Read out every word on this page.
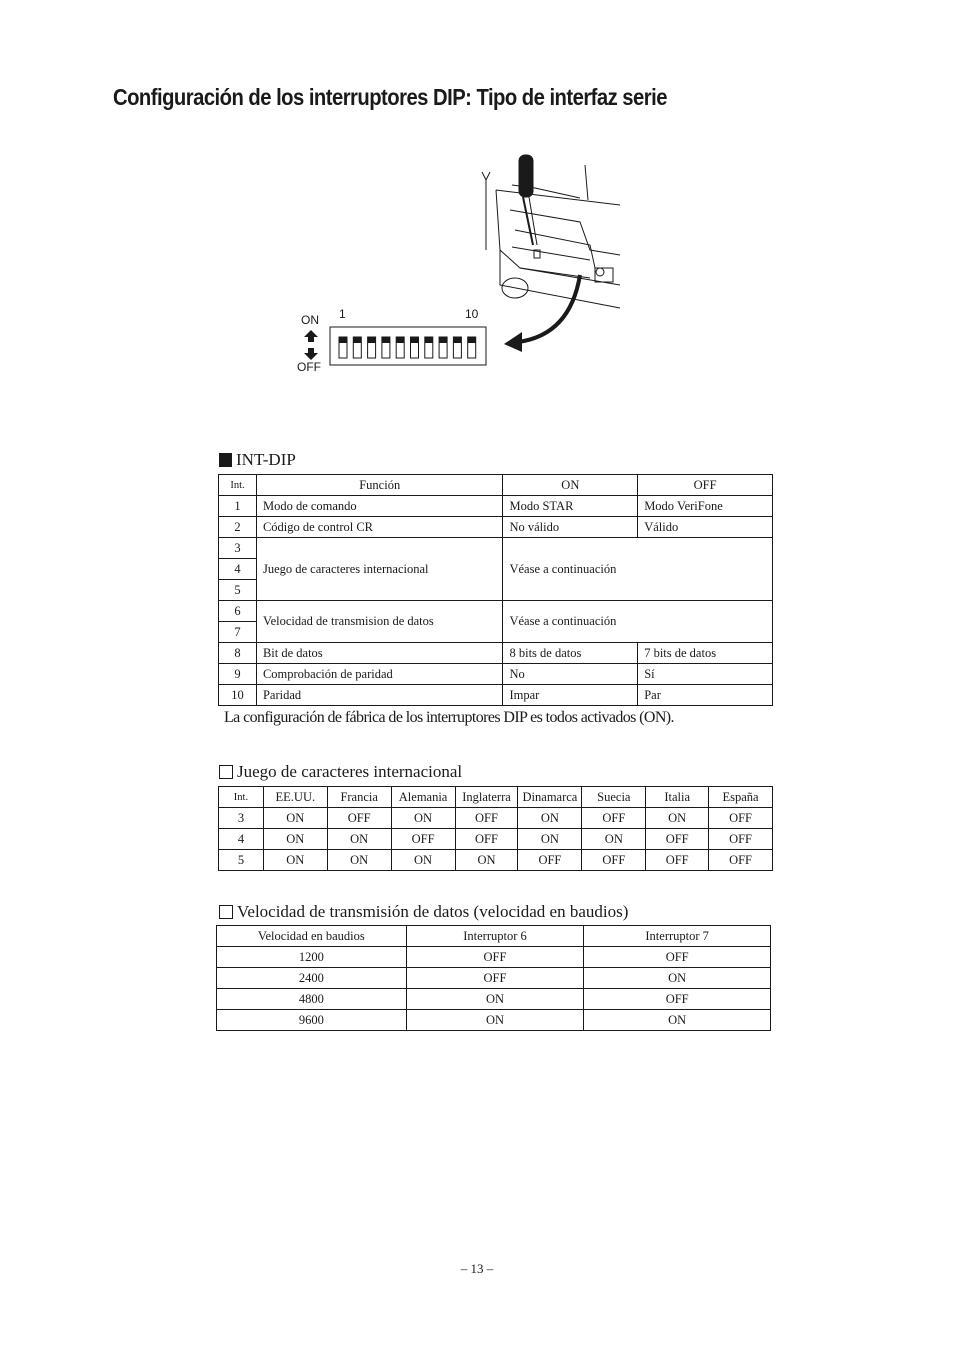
Configuración de los interruptores DIP: Tipo de interfaz serie
ON
OFF
1	10
INT-DIP
Int.	Función	ON	OFF
1	Modo de comando	Modo STAR	Modo VeriFone
2	Código de control CR	No válido	Válido
3	Juego de caracteres internacional	Véase a continuación	
4			
5			
6	Velocidad de transmision de datos	Véase a continuación	
7			
8	Bit de datos	8 bits de datos	7 bits de datos
9	Comprobación de paridad	No	Sí
10	Paridad	Impar	Par
La configuración de fábrica de los interruptores DIP es todos activados (ON).
Juego de caracteres internacional
Int.	EE.UU.	Francia	Alemania	Inglaterra	Dinamarca	Suecia	Italia	España
3	ON	OFF	ON	OFF	ON	OFF	ON	OFF
4	ON	ON	OFF	OFF	ON	ON	OFF	OFF
5	ON	ON	ON	ON	OFF	OFF	OFF	OFF
Velocidad de transmisión de datos (velocidad en baudios)
Velocidad en baudios	Interruptor 6	Interruptor 7
1200	OFF	OFF
2400	OFF	ON
4800	ON	OFF
9600	ON	ON
– 13 –
